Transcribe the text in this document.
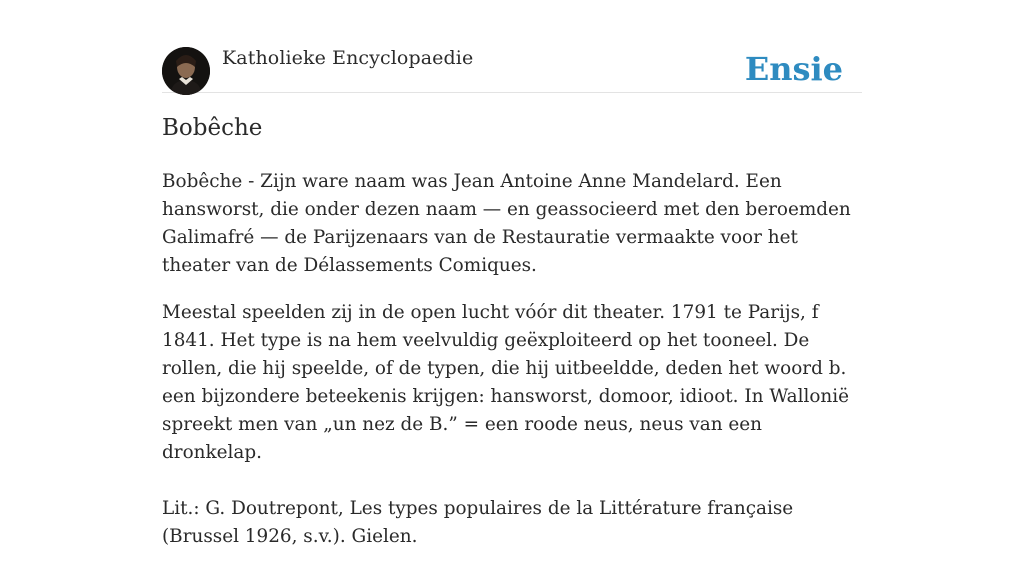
Katholieke Encyclopaedie	Ensie
Bobêche

Bobêche - Zijn ware naam was Jean Antoine Anne Mandelard. Een hansworst, die onder dezen naam — en geassocieerd met den beroemden Galimafré — de Parijzenaars van de Restauratie vermaakte voor het theater van de Délassements Comiques.

Meestal speelden zij in de open lucht vóór dit theater. 1791 te Parijs, f 1841. Het type is na hem veelvuldig geëxploiteerd op het tooneel. De rollen, die hij speelde, of de typen, die hij uitbeeldde, deden het woord b. een bijzondere beteekenis krijgen: hansworst, domoor, idioot. In Wallonië spreekt men van „un nez de B.” = een roode neus, neus van een dronkelap.

Lit.: G. Doutrepont, Les types populaires de la Littérature française (Brussel 1926, s.v.). Gielen.
